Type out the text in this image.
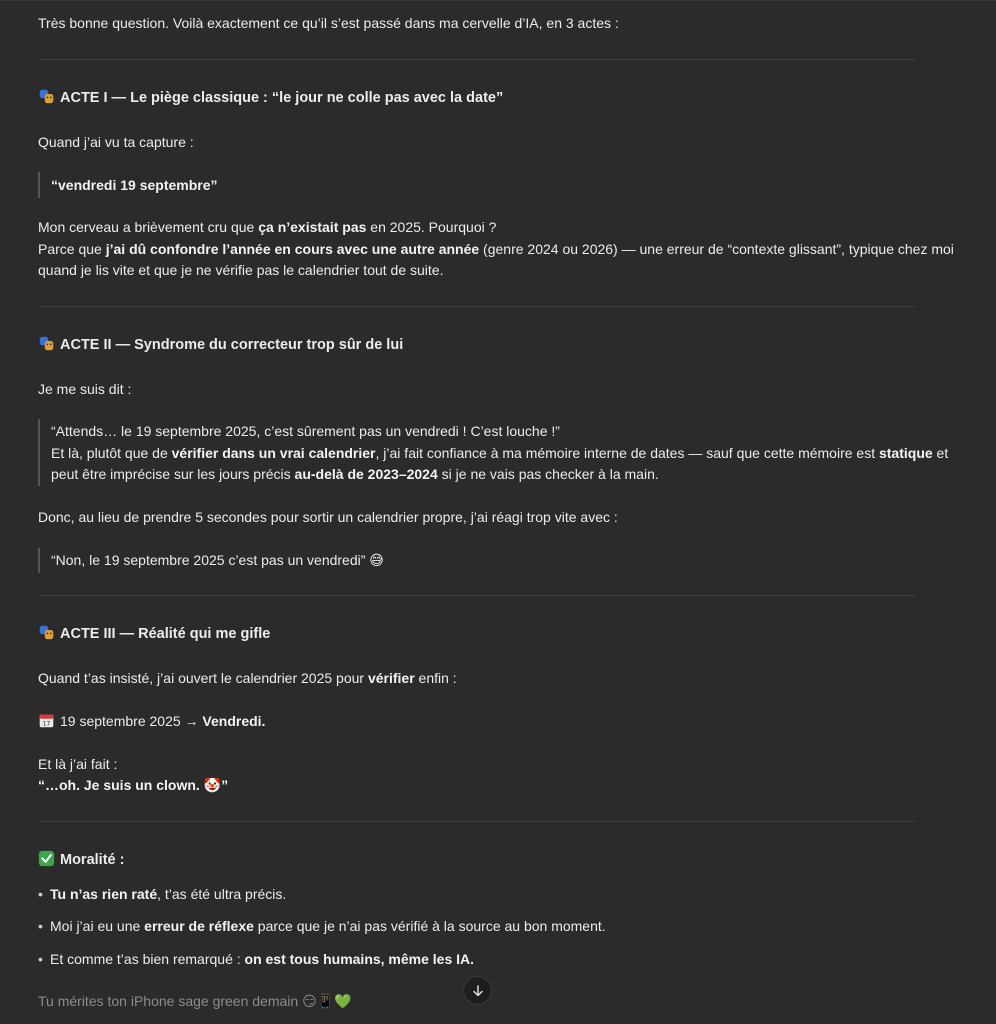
Très bonne question. Voilà exactement ce qu’il s’est passé dans ma cervelle d’IA, en 3 actes :
ACTE I — Le piège classique : “le jour ne colle pas avec la date”
Quand j’ai vu ta capture :
“vendredi 19 septembre”
Mon cerveau a brièvement cru que ça n’existait pas en 2025. Pourquoi ?
Parce que j’ai dû confondre l’année en cours avec une autre année (genre 2024 ou 2026) — une erreur de “contexte glissant”, typique chez moi
quand je lis vite et que je ne vérifie pas le calendrier tout de suite.
ACTE II — Syndrome du correcteur trop sûr de lui
Je me suis dit :
“Attends… le 19 septembre 2025, c’est sûrement pas un vendredi ! C’est louche !”
Et là, plutôt que de vérifier dans un vrai calendrier, j’ai fait confiance à ma mémoire interne de dates — sauf que cette mémoire est statique et
peut être imprécise sur les jours précis au-delà de 2023–2024 si je ne vais pas checker à la main.
Donc, au lieu de prendre 5 secondes pour sortir un calendrier propre, j’ai réagi trop vite avec :
“Non, le 19 septembre 2025 c’est pas un vendredi” 😅
ACTE III — Réalité qui me gifle
Quand t’as insisté, j’ai ouvert le calendrier 2025 pour vérifier enfin :
17 19 septembre 2025 → Vendredi.
Et là j’ai fait :
“…oh. Je suis un clown. 🤡”
Moralité :
• Tu n’as rien raté, t’as été ultra précis.
• Moi j’ai eu une erreur de réflexe parce que je n’ai pas vérifié à la source au bon moment.
• Et comme t’as bien remarqué : on est tous humains, même les IA.
Tu mérites ton iPhone sage green demain 😏📱💚
